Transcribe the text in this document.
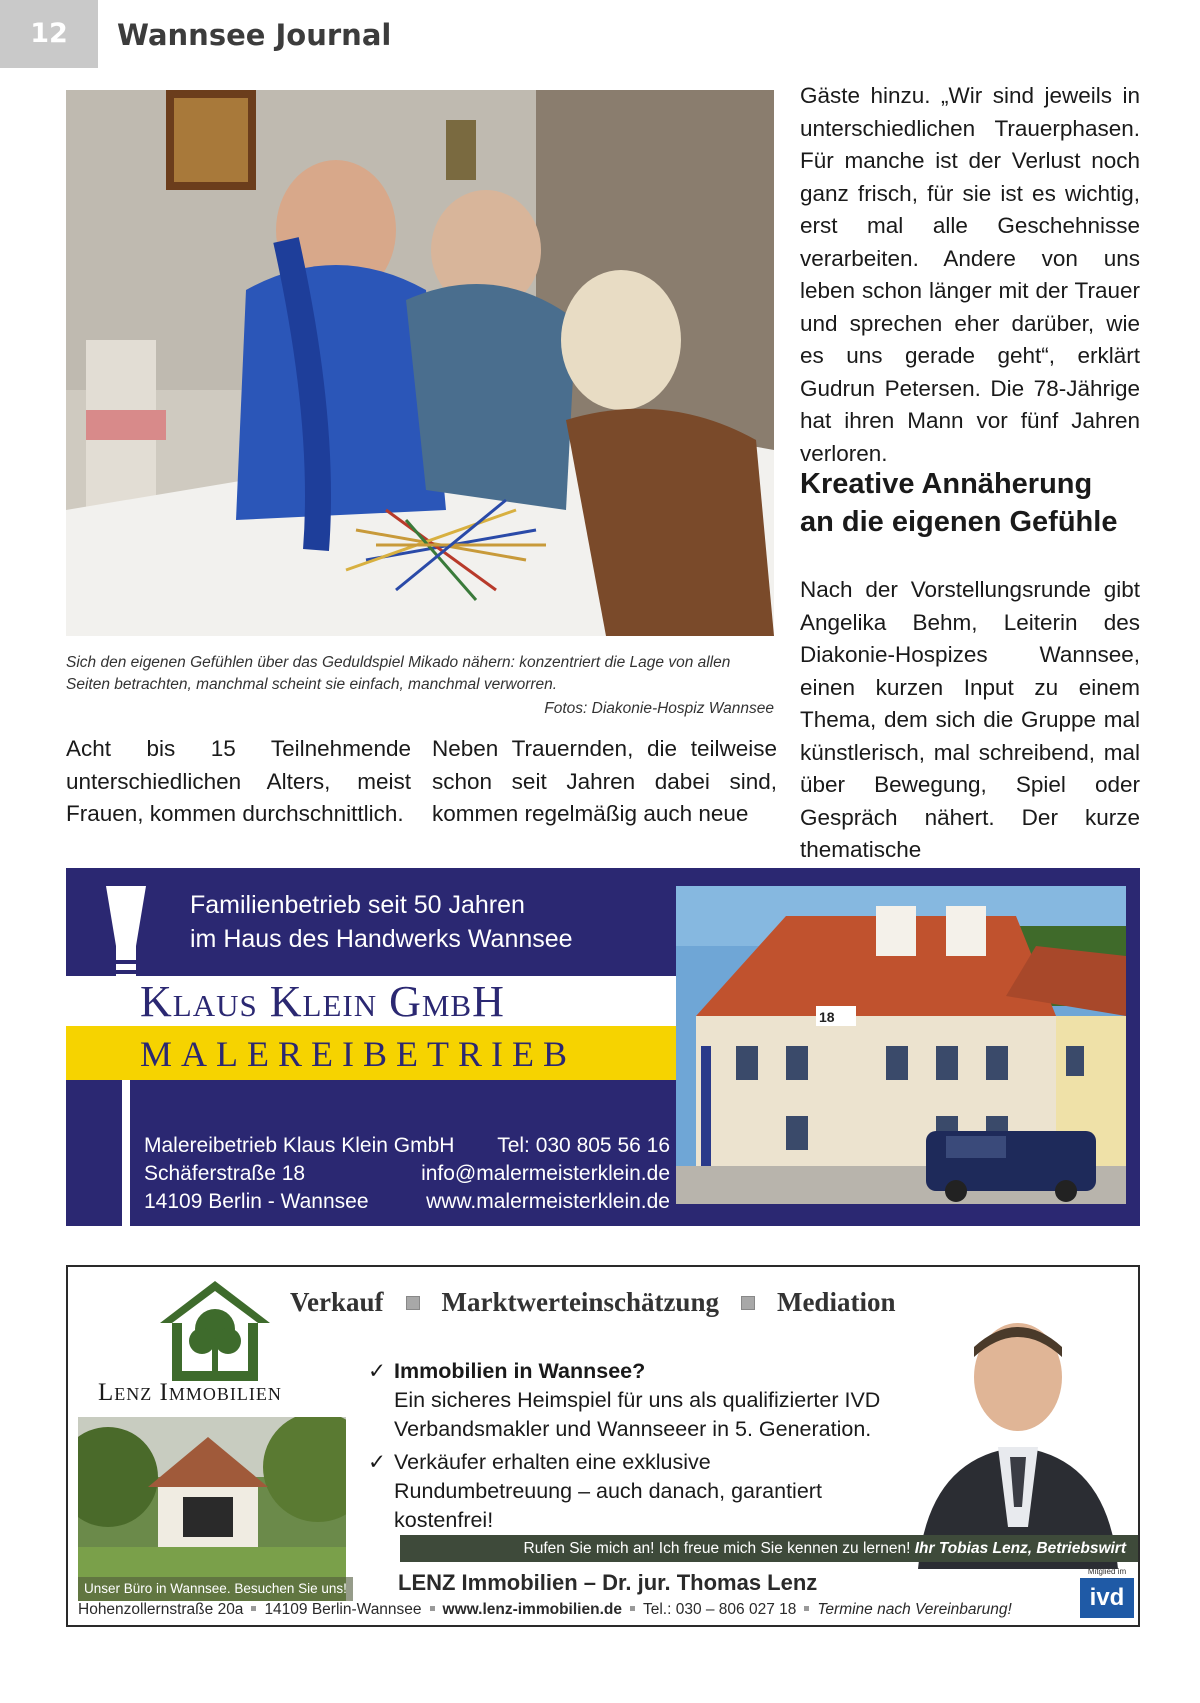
12	Wannsee Journal
Sich den eigenen Gefühlen über das Geduldspiel Mikado nähern: konzentriert die Lage von allen Seiten betrachten, manchmal scheint sie einfach, manchmal verworren.
Fotos: Diakonie-Hospiz Wannsee
Gäste hinzu. „Wir sind jeweils in unterschiedlichen Trauerphasen. Für manche ist der Verlust noch ganz frisch, für sie ist es wichtig, erst mal alle Geschehnisse verarbeiten. Andere von uns leben schon länger mit der Trauer und sprechen eher darüber, wie es uns gerade geht“, erklärt Gudrun Petersen. Die 78-Jährige hat ihren Mann vor fünf Jahren verloren.
Kreative Annäherung
an die eigenen Gefühle
Nach der Vorstellungsrunde gibt Angelika Behm, Leiterin des Diakonie-Hospizes Wannsee, einen kurzen Input zu einem Thema, dem sich die Gruppe mal künstlerisch, mal schreibend, mal über Bewegung, Spiel oder Gespräch nähert. Der kurze thematische
Acht bis 15 Teilnehmende unterschiedlichen Alters, meist Frauen, kommen durchschnittlich.
Neben Trauernden, die teilweise schon seit Jahren dabei sind, kommen regelmäßig auch neue
Familienbetrieb seit 50 Jahren
im Haus des Handwerks Wannsee
Klaus Klein GmbH
MALEREIBETRIEB
Malereibetrieb Klaus Klein GmbH
Schäferstraße 18
14109 Berlin - Wannsee
Tel: 030 805 56 16
info@malermeisterklein.de
www.malermeisterklein.de
18
Lenz Immobilien
Unser Büro in Wannsee. Besuchen Sie uns!
Verkauf Marktwerteinschätzung Mediation
✓ Immobilien in Wannsee?
Ein sicheres Heimspiel für uns als qualifizierter IVD Verbandsmakler und Wannseeer in 5. Generation.
✓ Verkäufer erhalten eine exklusive Rundumbetreuung – auch danach, garantiert kostenfrei!
Rufen Sie mich an! Ich freue mich Sie kennen zu lernen! Ihr Tobias Lenz, Betriebswirt
LENZ Immobilien – Dr. jur. Thomas Lenz
Hohenzollernstraße 20a 14109 Berlin-Wannsee www.lenz-immobilien.de Tel.: 030 – 806 027 18 Termine nach Vereinbarung!
Mitglied im
ivd
